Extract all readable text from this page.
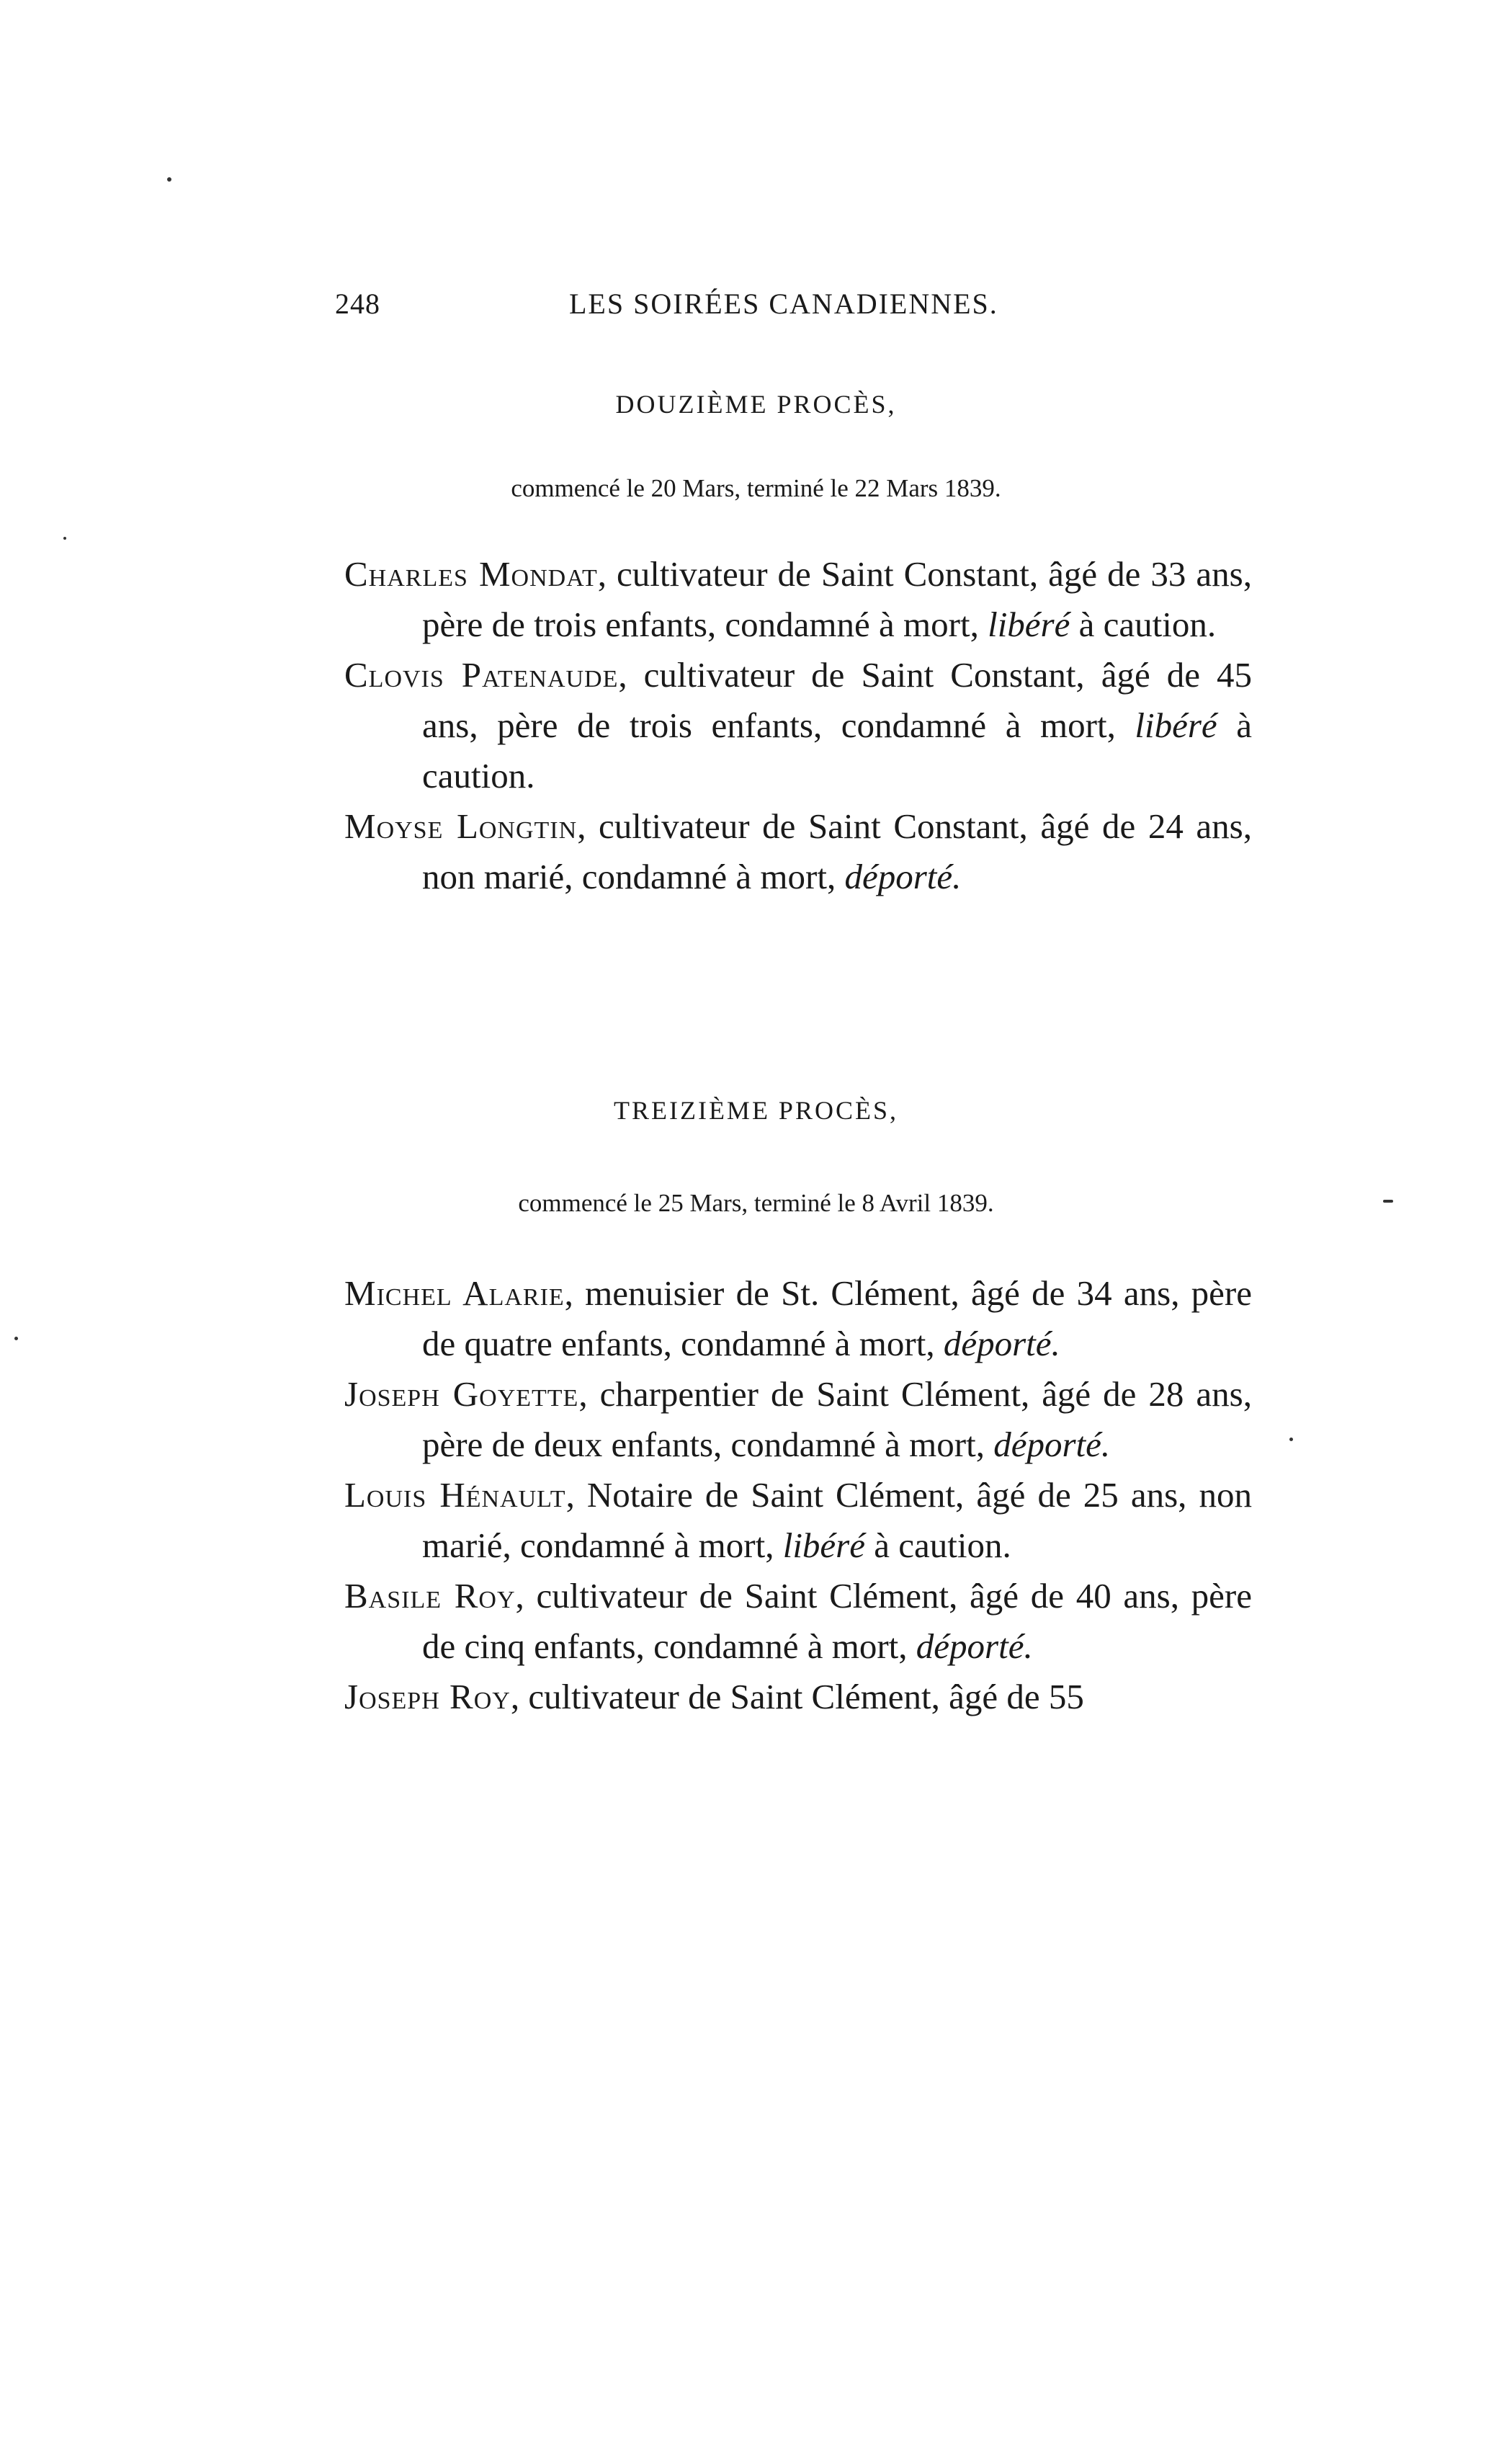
248	LES SOIRÉES CANADIENNES.
DOUZIÈME PROCÈS,
commencé le 20 Mars, terminé le 22 Mars 1839.

Charles Mondat, cultivateur de Saint Constant, âgé de 33 ans, père de trois enfants, condamné à mort, libéré à caution.

Clovis Patenaude, cultivateur de Saint Constant, âgé de 45 ans, père de trois enfants, condamné à mort, libéré à caution.

Moyse Longtin, cultivateur de Saint Constant, âgé de 24 ans, non marié, condamné à mort, déporté.

TREIZIÈME PROCÈS,
commencé le 25 Mars, terminé le 8 Avril 1839.

Michel Alarie, menuisier de St. Clément, âgé de 34 ans, père de quatre enfants, condamné à mort, déporté.

Joseph Goyette, charpentier de Saint Clément, âgé de 28 ans, père de deux enfants, condamné à mort, déporté.

Louis Hénault, Notaire de Saint Clément, âgé de 25 ans, non marié, condamné à mort, libéré à caution.

Basile Roy, cultivateur de Saint Clément, âgé de 40 ans, père de cinq enfants, condamné à mort, déporté.

Joseph Roy, cultivateur de Saint Clément, âgé de 55
